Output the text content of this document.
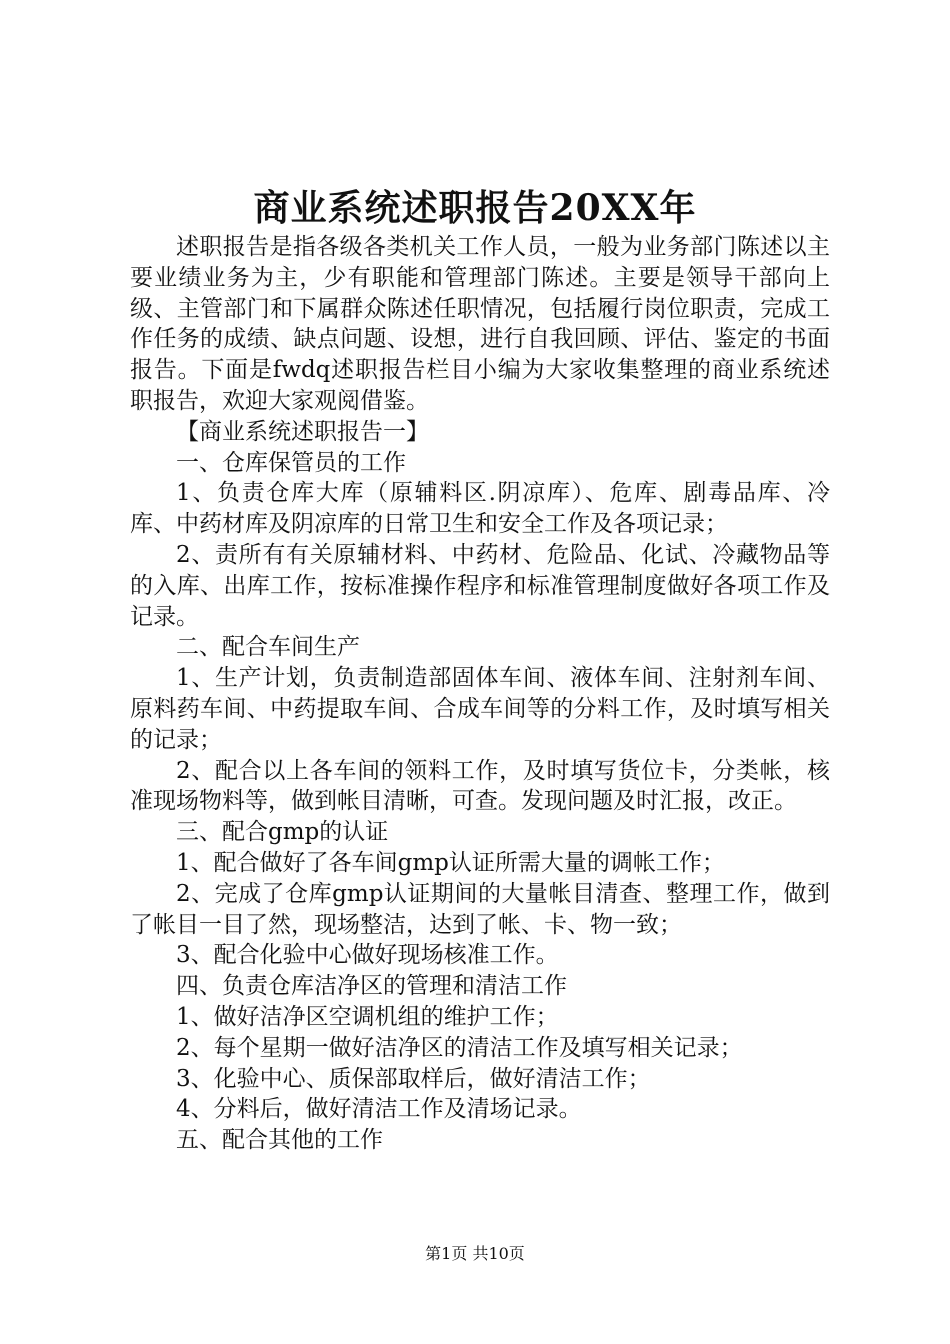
商业系统述职报告20XX年

述职报告是指各级各类机关工作人员，一般为业务部门陈述以主要业绩业务为主，少有职能和管理部门陈述。主要是领导干部向上级、主管部门和下属群众陈述任职情况，包括履行岗位职责，完成工作任务的成绩、缺点问题、设想，进行自我回顾、评估、鉴定的书面报告。下面是fwdq述职报告栏目小编为大家收集整理的商业系统述职报告，欢迎大家观阅借鉴。

【商业系统述职报告一】

一、仓库保管员的工作

1、负责仓库大库（原辅料区.阴凉库）、危库、剧毒品库、冷库、中药材库及阴凉库的日常卫生和安全工作及各项记录；

2、责所有有关原辅材料、中药材、危险品、化试、冷藏物品等的入库、出库工作，按标准操作程序和标准管理制度做好各项工作及记录。

二、配合车间生产

1、生产计划，负责制造部固体车间、液体车间、注射剂车间、原料药车间、中药提取车间、合成车间等的分料工作，及时填写相关的记录；

2、配合以上各车间的领料工作，及时填写货位卡，分类帐，核准现场物料等，做到帐目清晰，可查。发现问题及时汇报，改正。

三、配合gmp的认证

1、配合做好了各车间gmp认证所需大量的调帐工作；

2、完成了仓库gmp认证期间的大量帐目清查、整理工作，做到了帐目一目了然，现场整洁，达到了帐、卡、物一致；

3、配合化验中心做好现场核准工作。

四、负责仓库洁净区的管理和清洁工作

1、做好洁净区空调机组的维护工作；

2、每个星期一做好洁净区的清洁工作及填写相关记录；

3、化验中心、质保部取样后，做好清洁工作；

4、分料后，做好清洁工作及清场记录。

五、配合其他的工作

第1页 共10页
